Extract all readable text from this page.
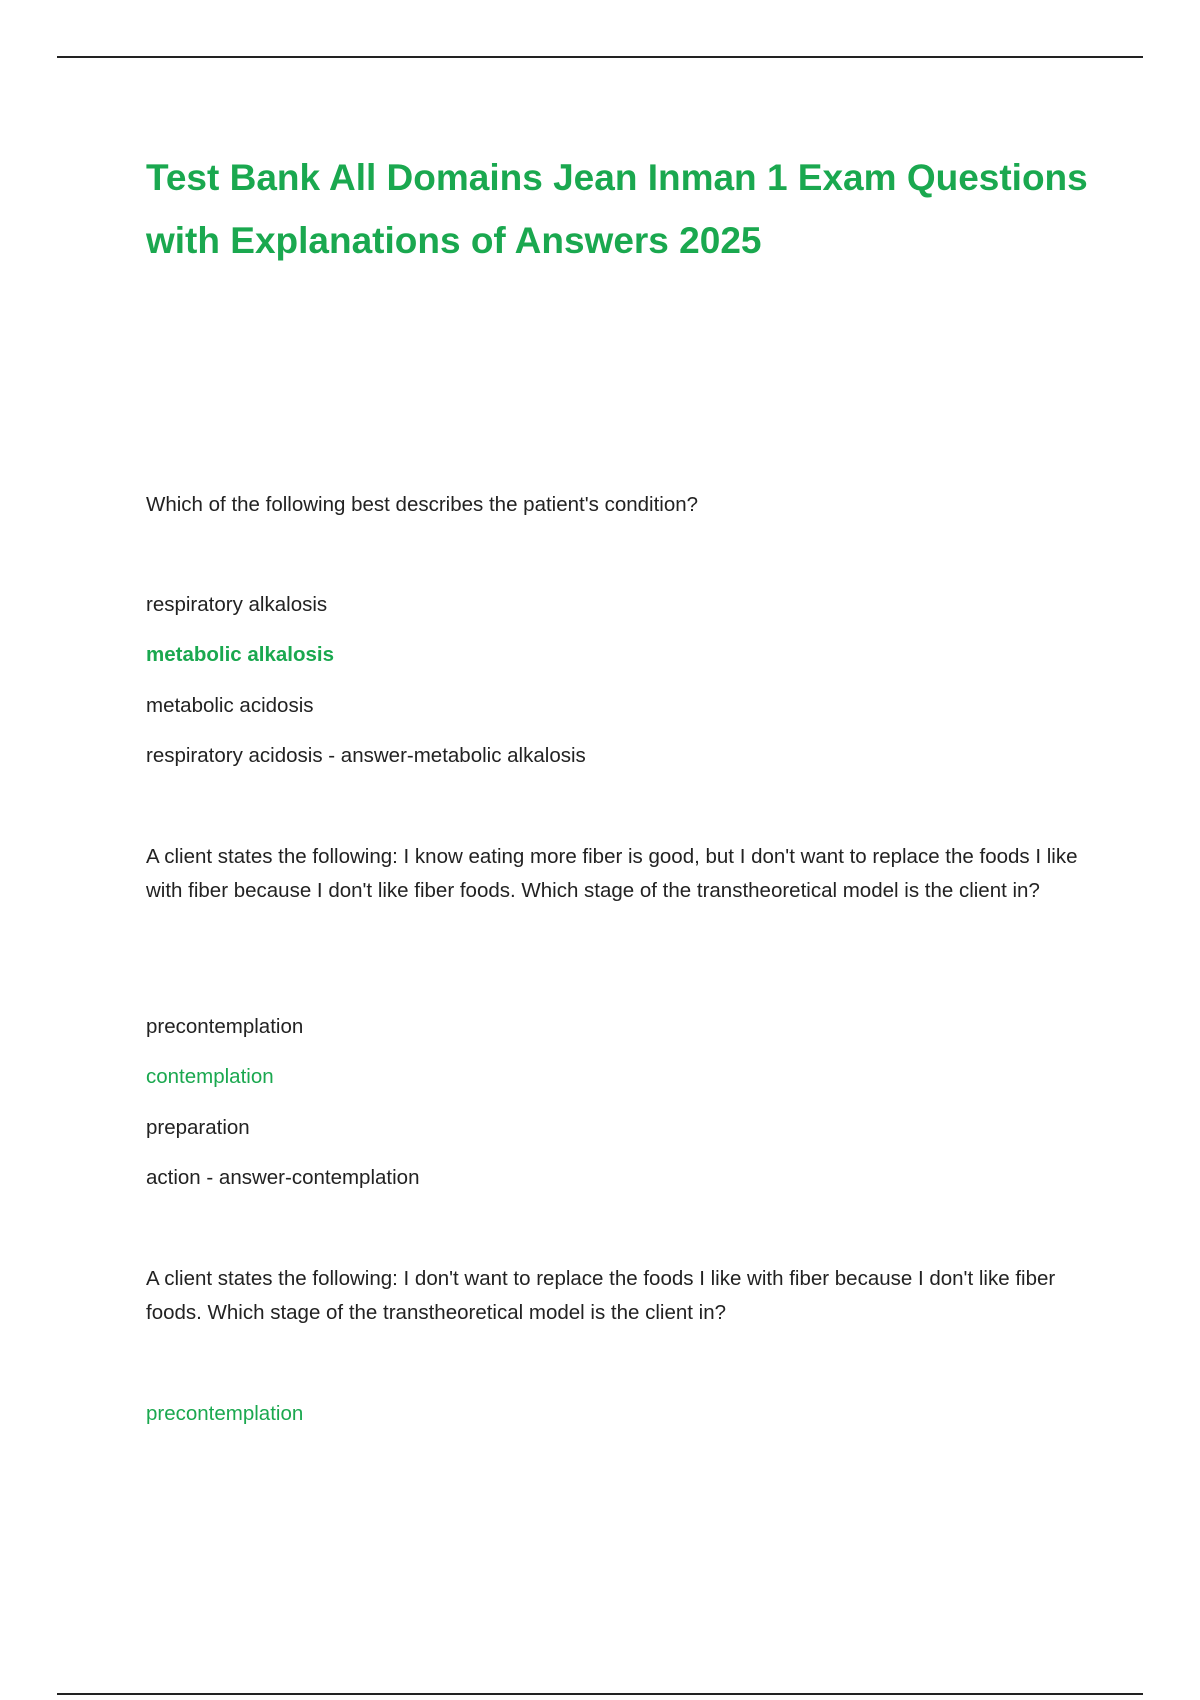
Test Bank All Domains Jean Inman 1 Exam Questions with Explanations of Answers 2025

Which of the following best describes the patient's condition?

respiratory alkalosis

metabolic alkalosis

metabolic acidosis

respiratory acidosis - answer-metabolic alkalosis

A client states the following: I know eating more fiber is good, but I don't want to replace the foods I like with fiber because I don't like fiber foods. Which stage of the transtheoretical model is the client in?

precontemplation

contemplation

preparation

action - answer-contemplation

A client states the following: I don't want to replace the foods I like with fiber because I don't like fiber foods. Which stage of the transtheoretical model is the client in?

precontemplation
